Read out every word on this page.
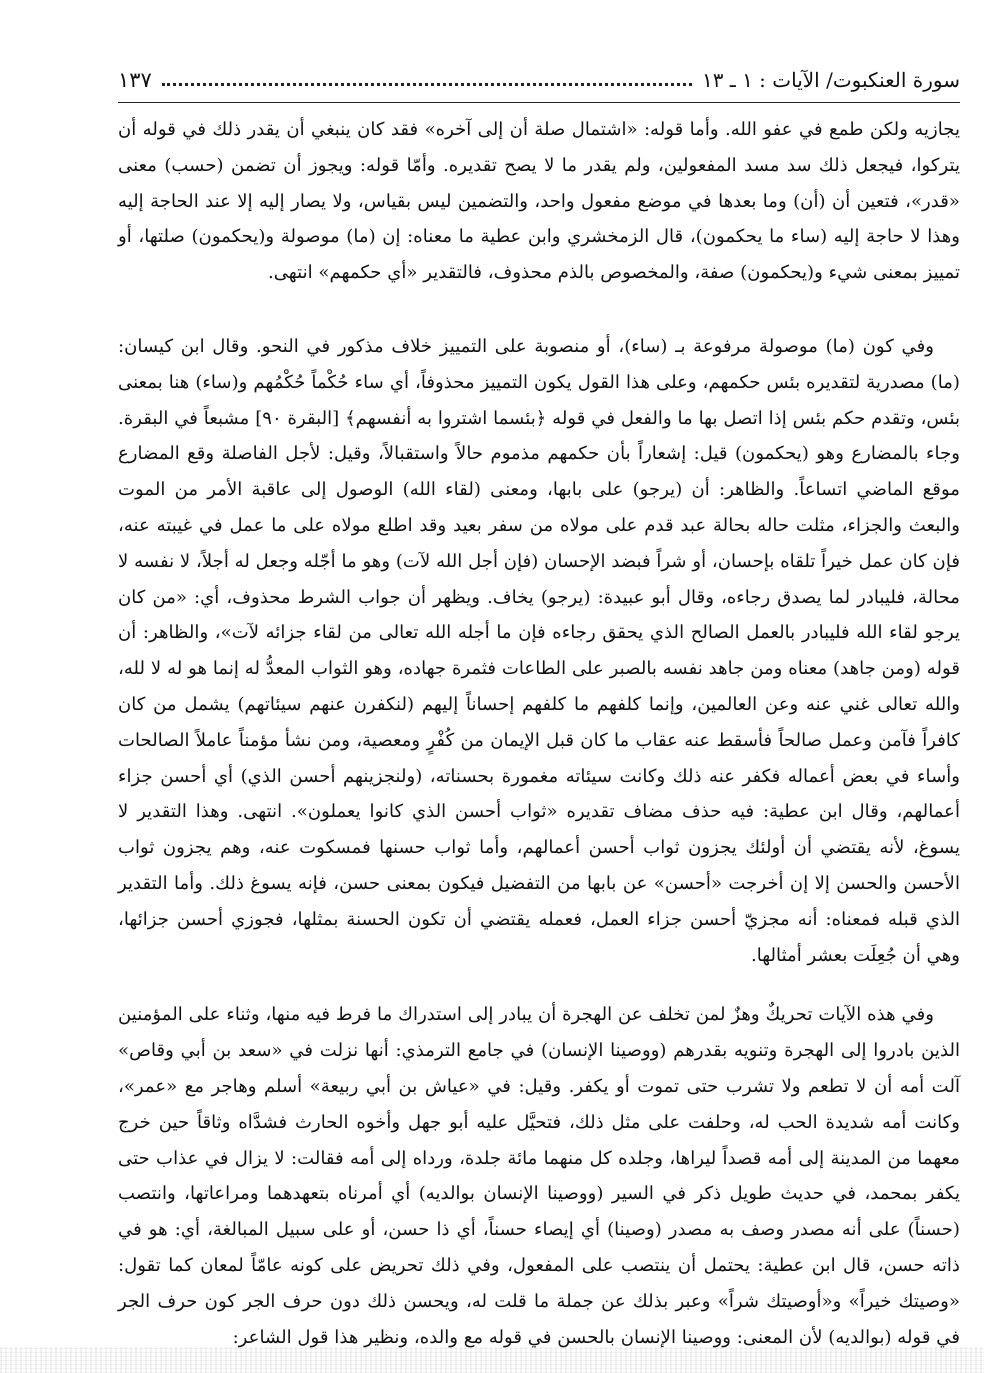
١٣٧	سورة العنكبوت/ الآيات : ١ ـ ١٣

يجازيه ولكن طمع في عفو الله. وأما قوله: «اشتمال صلة أن إلى آخره» فقد كان ينبغي أن يقدر ذلك في قوله أن يتركوا، فيجعل ذلك سد مسد المفعولين، ولم يقدر ما لا يصح تقديره. وأمّا قوله: ويجوز أن تضمن (حسب) معنى «قدر»، فتعين أن (أن) وما بعدها في موضع مفعول واحد، والتضمين ليس بقياس، ولا يصار إليه إلا عند الحاجة إليه وهذا لا حاجة إليه (ساء ما يحكمون)، قال الزمخشري وابن عطية ما معناه: إن (ما) موصولة و(يحكمون) صلتها، أو تمييز بمعنى شيء و(يحكمون) صفة، والمخصوص بالذم محذوف، فالتقدير «أي حكمهم» انتهى.

وفي كون (ما) موصولة مرفوعة بـ (ساء)، أو منصوبة على التمييز خلاف مذكور في النحو. وقال ابن كيسان: (ما) مصدرية لتقديره بئس حكمهم، وعلى هذا القول يكون التمييز محذوفاً، أي ساء حُكْماً حُكْمُهم و(ساء) هنا بمعنى بئس، وتقدم حكم بئس إذا اتصل بها ما والفعل في قوله ﴿بئسما اشتروا به أنفسهم﴾ [البقرة ٩٠] مشبعاً في البقرة. وجاء بالمضارع وهو (يحكمون) قيل: إشعاراً بأن حكمهم مذموم حالاً واستقبالاً، وقيل: لأجل الفاصلة وقع المضارع موقع الماضي اتساعاً. والظاهر: أن (يرجو) على بابها، ومعنى (لقاء الله) الوصول إلى عاقبة الأمر من الموت والبعث والجزاء، مثلت حاله بحالة عبد قدم على مولاه من سفر بعيد وقد اطلع مولاه على ما عمل في غيبته عنه، فإن كان عمل خيراً تلقاه بإحسان، أو شراً فبضد الإحسان (فإن أجل الله لآت) وهو ما أجّله وجعل له أجلاً، لا نفسه لا محالة، فليبادر لما يصدق رجاءه، وقال أبو عبيدة: (يرجو) يخاف. ويظهر أن جواب الشرط محذوف، أي: «من كان يرجو لقاء الله فليبادر بالعمل الصالح الذي يحقق رجاءه فإن ما أجله الله تعالى من لقاء جزائه لآت»، والظاهر: أن قوله (ومن جاهد) معناه ومن جاهد نفسه بالصبر على الطاعات فثمرة جهاده، وهو الثواب المعدُّ له إنما هو له لا لله، والله تعالى غني عنه وعن العالمين، وإنما كلفهم ما كلفهم إحساناً إليهم (لنكفرن عنهم سيئاتهم) يشمل من كان كافراً فآمن وعمل صالحاً فأسقط عنه عقاب ما كان قبل الإيمان من كُفْرٍ ومعصية، ومن نشأ مؤمناً عاملاً الصالحات وأساء في بعض أعماله فكفر عنه ذلك وكانت سيئاته مغمورة بحسناته، (ولنجزينهم أحسن الذي) أي أحسن جزاء أعمالهم، وقال ابن عطية: فيه حذف مضاف تقديره «ثواب أحسن الذي كانوا يعملون». انتهى. وهذا التقدير لا يسوغ، لأنه يقتضي أن أولئك يجزون ثواب أحسن أعمالهم، وأما ثواب حسنها فمسكوت عنه، وهم يجزون ثواب الأحسن والحسن إلا إن أخرجت «أحسن» عن بابها من التفضيل فيكون بمعنى حسن، فإنه يسوغ ذلك. وأما التقدير الذي قبله فمعناه: أنه مجزيّ أحسن جزاء العمل، فعمله يقتضي أن تكون الحسنة بمثلها، فجوزي أحسن جزائها، وهي أن جُعِلَت بعشر أمثالها.

وفي هذه الآيات تحريكٌ وهزٌ لمن تخلف عن الهجرة أن يبادر إلى استدراك ما فرط فيه منها، وثناء على المؤمنين الذين بادروا إلى الهجرة وتنويه بقدرهم (ووصينا الإنسان) في جامع الترمذي: أنها نزلت في «سعد بن أبي وقاص» آلت أمه أن لا تطعم ولا تشرب حتى تموت أو يكفر. وقيل: في «عياش بن أبي ربيعة» أسلم وهاجر مع «عمر»، وكانت أمه شديدة الحب له، وحلفت على مثل ذلك، فتحيَّل عليه أبو جهل وأخوه الحارث فشدَّاه وثاقاً حين خرج معهما من المدينة إلى أمه قصداً ليراها، وجلده كل منهما مائة جلدة، ورداه إلى أمه فقالت: لا يزال في عذاب حتى يكفر بمحمد، في حديث طويل ذكر في السير (ووصينا الإنسان بوالديه) أي أمرناه بتعهدهما ومراعاتها، وانتصب (حسناً) على أنه مصدر وصف به مصدر (وصينا) أي إيصاء حسناً، أي ذا حسن، أو على سبيل المبالغة، أي: هو في ذاته حسن، قال ابن عطية: يحتمل أن ينتصب على المفعول، وفي ذلك تحريض على كونه عامّاً لمعان كما تقول: «وصيتك خيراً» و«أوصيتك شراً» وعبر بذلك عن جملة ما قلت له، ويحسن ذلك دون حرف الجر كون حرف الجر في قوله (بوالديه) لأن المعنى: ووصينا الإنسان بالحسن في قوله مع والده، ونظير هذا قول الشاعر:
